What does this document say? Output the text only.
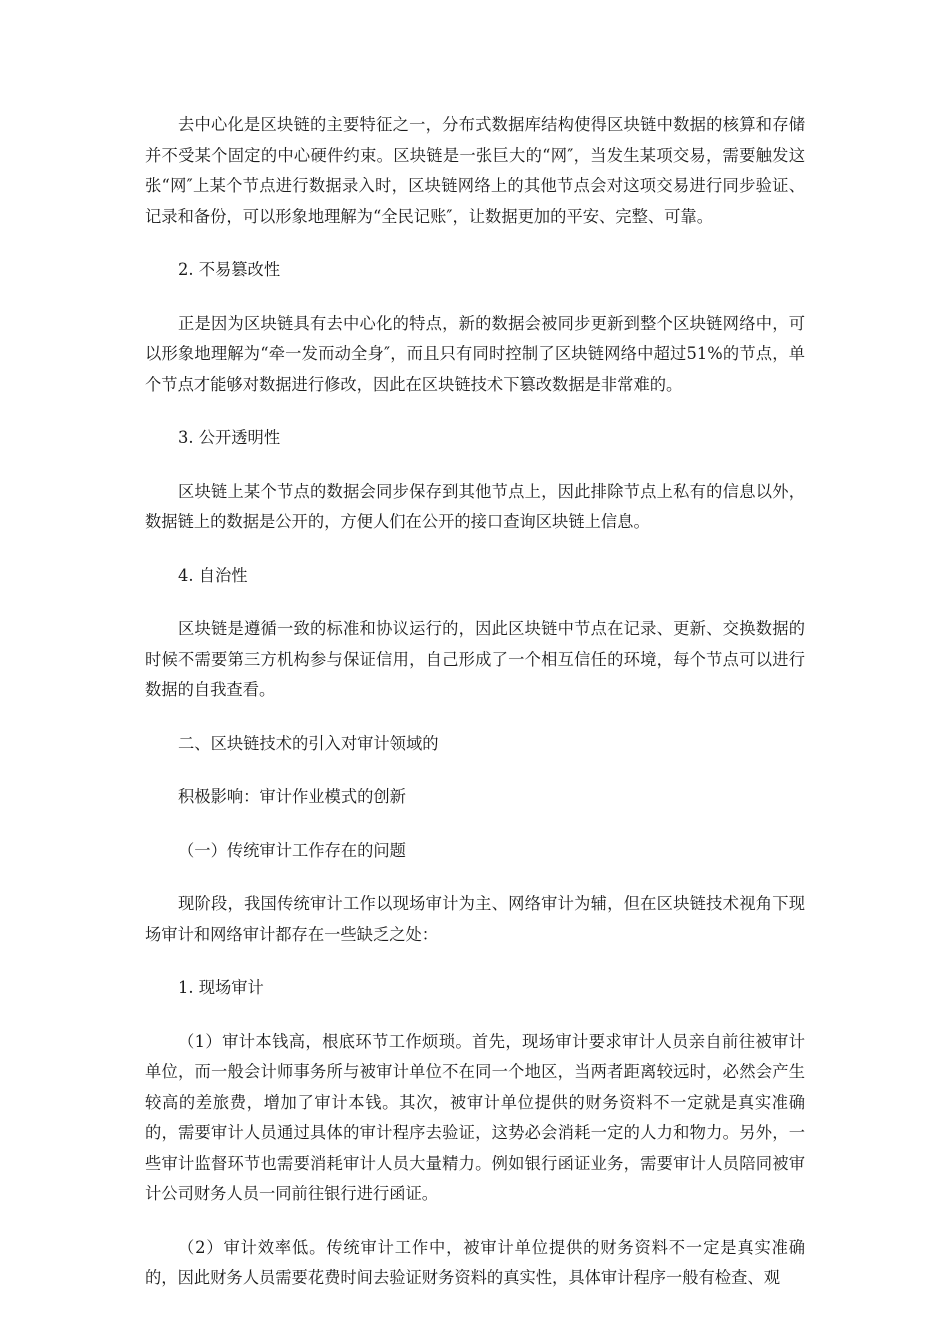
去中心化是区块链的主要特征之一，分布式数据库结构使得区块链中数据的核算和存储并不受某个固定的中心硬件约束。区块链是一张巨大的“网″，当发生某项交易，需要触发这张“网″上某个节点进行数据录入时，区块链网络上的其他节点会对这项交易进行同步验证、记录和备份，可以形象地理解为“全民记账″，让数据更加的平安、完整、可靠。

2. 不易篡改性

正是因为区块链具有去中心化的特点，新的数据会被同步更新到整个区块链网络中，可以形象地理解为“牵一发而动全身″，而且只有同时控制了区块链网络中超过51%的节点，单个节点才能够对数据进行修改，因此在区块链技术下篡改数据是非常难的。

3. 公开透明性

区块链上某个节点的数据会同步保存到其他节点上，因此排除节点上私有的信息以外，数据链上的数据是公开的，方便人们在公开的接口查询区块链上信息。

4. 自治性

区块链是遵循一致的标准和协议运行的，因此区块链中节点在记录、更新、交换数据的时候不需要第三方机构参与保证信用，自己形成了一个相互信任的环境，每个节点可以进行数据的自我查看。

二、区块链技术的引入对审计领域的

积极影响：审计作业模式的创新

（一）传统审计工作存在的问题

现阶段，我国传统审计工作以现场审计为主、网络审计为辅，但在区块链技术视角下现场审计和网络审计都存在一些缺乏之处：

1. 现场审计

（1）审计本钱高，根底环节工作烦琐。首先，现场审计要求审计人员亲自前往被审计单位，而一般会计师事务所与被审计单位不在同一个地区，当两者距离较远时，必然会产生较高的差旅费，增加了审计本钱。其次，被审计单位提供的财务资料不一定就是真实准确的，需要审计人员通过具体的审计程序去验证，这势必会消耗一定的人力和物力。另外，一些审计监督环节也需要消耗审计人员大量精力。例如银行函证业务，需要审计人员陪同被审计公司财务人员一同前往银行进行函证。

（2）审计效率低。传统审计工作中，被审计单位提供的财务资料不一定是真实准确的，因此财务人员需要花费时间去验证财务资料的真实性，具体审计程序一般有检查、观
